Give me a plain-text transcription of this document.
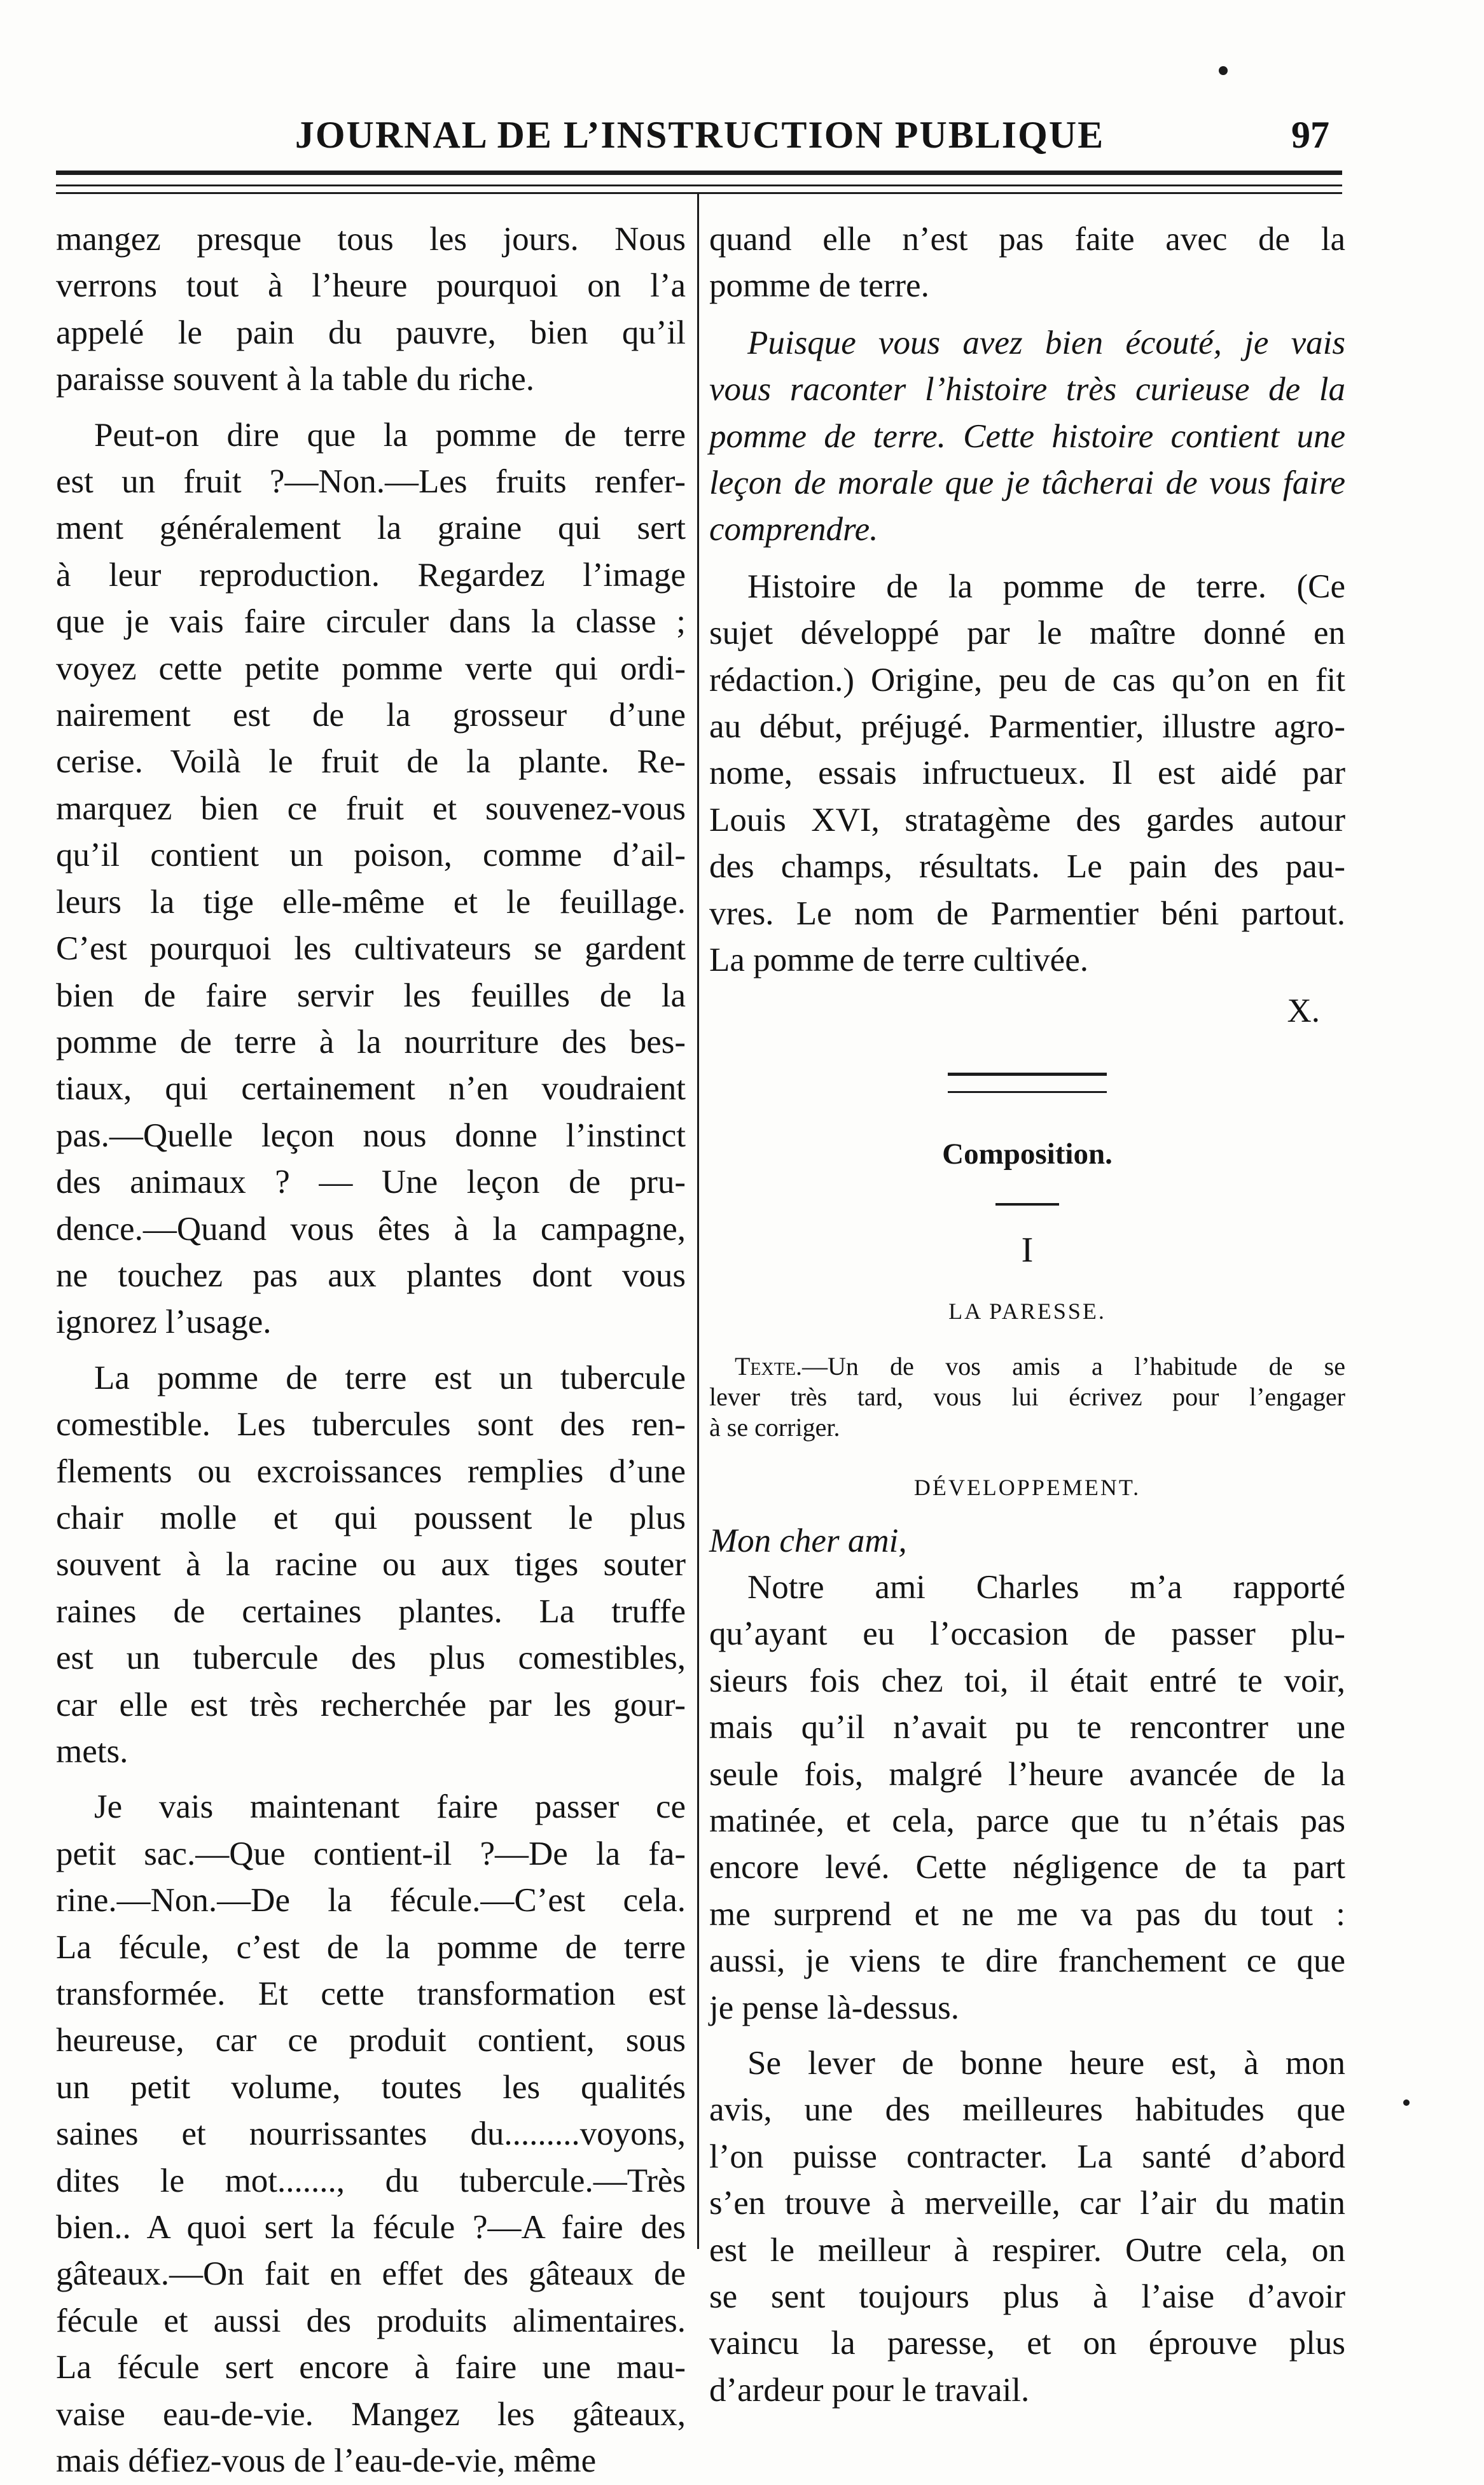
JOURNAL DE L’INSTRUCTION PUBLIQUE	97
mangez presque tous les jours. Nous
verrons tout à l’heure pourquoi on l’a
appelé le pain du pauvre, bien qu’il
paraisse souvent à la table du riche.
Peut-on dire que la pomme de terre
est un fruit ?—Non.—Les fruits renfer-
ment généralement la graine qui sert
à leur reproduction. Regardez l’image
que je vais faire circuler dans la classe ;
voyez cette petite pomme verte qui ordi-
nairement est de la grosseur d’une
cerise. Voilà le fruit de la plante. Re-
marquez bien ce fruit et souvenez-vous
qu’il contient un poison, comme d’ail-
leurs la tige elle-même et le feuillage.
C’est pourquoi les cultivateurs se gardent
bien de faire servir les feuilles de la
pomme de terre à la nourriture des bes-
tiaux, qui certainement n’en voudraient
pas.—Quelle leçon nous donne l’instinct
des animaux ? — Une leçon de pru-
dence.—Quand vous êtes à la campagne,
ne touchez pas aux plantes dont vous
ignorez l’usage.
La pomme de terre est un tubercule
comestible. Les tubercules sont des ren-
flements ou excroissances remplies d’une
chair molle et qui poussent le plus
souvent à la racine ou aux tiges souter
raines de certaines plantes. La truffe
est un tubercule des plus comestibles,
car elle est très recherchée par les gour-
mets.
Je vais maintenant faire passer ce
petit sac.—Que contient-il ?—De la fa-
rine.—Non.—De la fécule.—C’est cela.
La fécule, c’est de la pomme de terre
transformée. Et cette transformation est
heureuse, car ce produit contient, sous
un petit volume, toutes les qualités
saines et nourrissantes du.........voyons,
dites le mot......., du tubercule.—Très
bien.. A quoi sert la fécule ?—A faire des
gâteaux.—On fait en effet des gâteaux de
fécule et aussi des produits alimentaires.
La fécule sert encore à faire une mau-
vaise eau-de-vie. Mangez les gâteaux,
mais défiez-vous de l’eau-de-vie, même
quand elle n’est pas faite avec de la
pomme de terre.
Puisque vous avez bien écouté, je vais
vous raconter l’histoire très curieuse de la
pomme de terre. Cette histoire contient une
leçon de morale que je tâcherai de vous faire
comprendre.
Histoire de la pomme de terre. (Ce
sujet développé par le maître donné en
rédaction.) Origine, peu de cas qu’on en fit
au début, préjugé. Parmentier, illustre agro-
nome, essais infructueux. Il est aidé par
Louis XVI, stratagème des gardes autour
des champs, résultats. Le pain des pau-
vres. Le nom de Parmentier béni partout.
La pomme de terre cultivée.
X.
Composition.
I
LA PARESSE.
Texte.—Un de vos amis a l’habitude de se
lever très tard, vous lui écrivez pour l’engager
à se corriger.
DÉVELOPPEMENT.
Mon cher ami,
Notre ami Charles m’a rapporté
qu’ayant eu l’occasion de passer plu-
sieurs fois chez toi, il était entré te voir,
mais qu’il n’avait pu te rencontrer une
seule fois, malgré l’heure avancée de la
matinée, et cela, parce que tu n’étais pas
encore levé. Cette négligence de ta part
me surprend et ne me va pas du tout :
aussi, je viens te dire franchement ce que
je pense là-dessus.
Se lever de bonne heure est, à mon
avis, une des meilleures habitudes que
l’on puisse contracter. La santé d’abord
s’en trouve à merveille, car l’air du matin
est le meilleur à respirer. Outre cela, on
se sent toujours plus à l’aise d’avoir
vaincu la paresse, et on éprouve plus
d’ardeur pour le travail.
